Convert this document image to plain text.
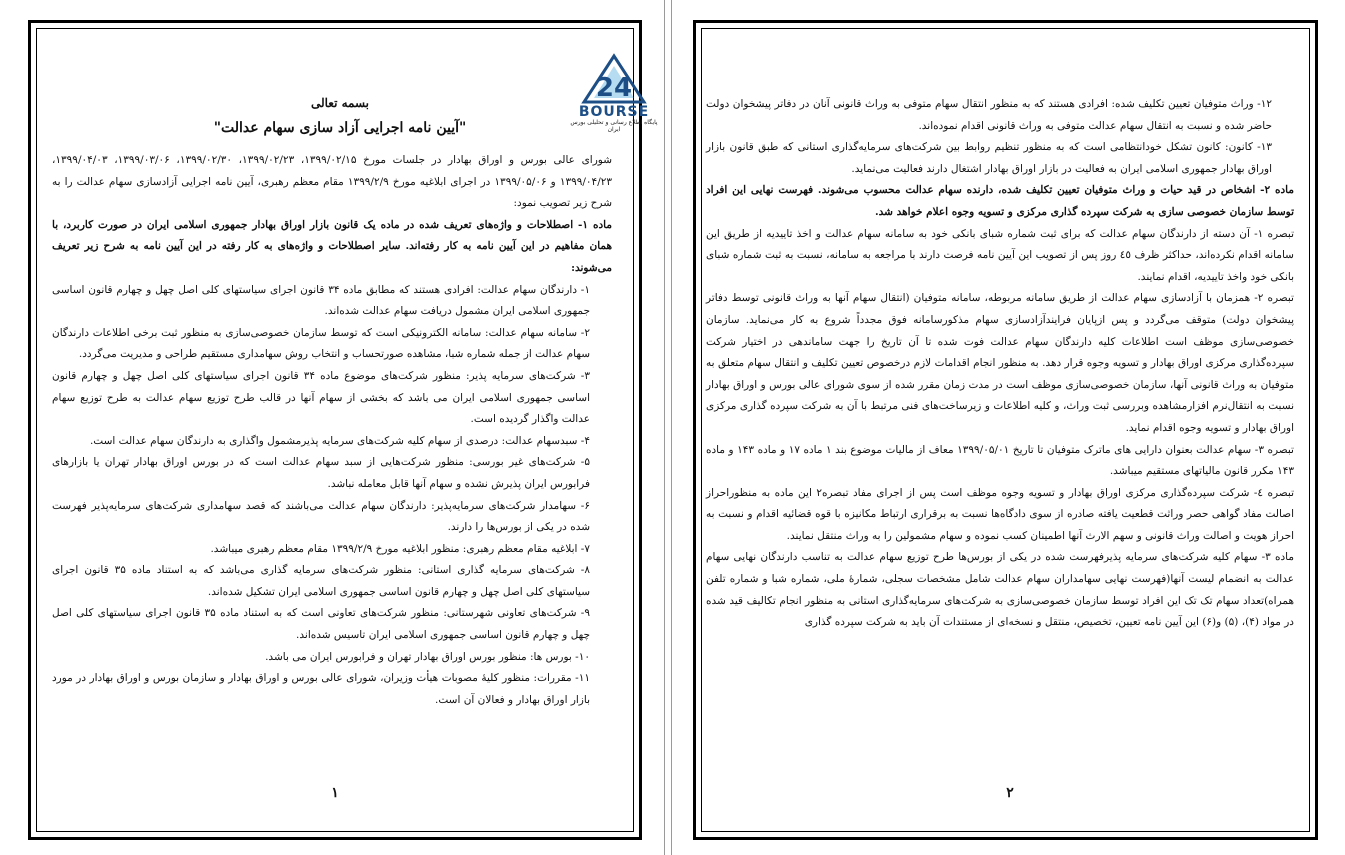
24
BOURSE
پایگاه اطلاع رسانی و تحلیلی بورس ایران
بسمه تعالی
"آیین نامه اجرایی آزاد سازی سهام عدالت"

شورای عالی بورس و اوراق بهادار در جلسات مورخ ۱۳۹۹/۰۲/۱۵، ۱۳۹۹/۰۲/۲۳، ۱۳۹۹/۰۲/۳۰، ۱۳۹۹/۰۳/۰۶، ۱۳۹۹/۰۴/۰۳، ۱۳۹۹/۰۴/۲۳ و ۱۳۹۹/۰۵/۰۶ در اجرای ابلاغیه مورخ ۱۳۹۹/۲/۹ مقام معظم رهبری، آیین نامه اجرایی آزادسازی سهام عدالت را به شرح زیر تصویب نمود:

ماده ۱- اصطلاحات و واژه‌های تعریف شده در ماده یک قانون بازار اوراق بهادار جمهوری اسلامی ایران در صورت کاربرد، با همان مفاهیم در این آیین نامه به کار رفته‌اند. سایر اصطلاحات و واژه‌های به کار رفته در این آیین نامه به شرح زیر تعریف می‌شوند:

۱- دارندگان سهام عدالت: افرادی هستند که مطابق ماده ۳۴ قانون اجرای سیاستهای کلی اصل چهل و چهارم قانون اساسی جمهوری اسلامی ایران مشمول دریافت سهام عدالت شده‌اند.

۲- سامانه سهام عدالت: سامانه الکترونیکی است که توسط سازمان خصوصی‌سازی به منظور ثبت برخی اطلاعات دارندگان سهام عدالت از جمله شماره شبا، مشاهده صورتحساب و انتخاب روش سهامداری مستقیم طراحی و مدیریت می‌گردد.

۳- شرکت‌های سرمایه پذیر: منظور شرکت‌های موضوع ماده ۳۴ قانون اجرای سیاستهای کلی اصل چهل و چهارم قانون اساسی جمهوری اسلامی ایران می باشد که بخشی از سهام آنها در قالب طرح توزیع سهام عدالت به طرح توزیع سهام عدالت واگذار گردیده است.

۴- سبدسهام عدالت: درصدی از سهام کلیه شرکت‌های سرمایه پذیرمشمول واگذاری به دارندگان سهام عدالت است.

۵- شرکت‌های غیر بورسی: منظور شرکت‌هایی از سبد سهام عدالت است که در بورس اوراق بهادار تهران یا بازارهای فرابورس ایران پذیرش نشده و سهام آنها قابل معامله نباشد.

۶- سهامدار شرکت‌های سرمایه‌پذیر: دارندگان سهام عدالت می‌باشند که قصد سهامداری شرکت‌های سرمایه‌پذیر فهرست شده در یکی از بورس‌ها را دارند.

۷- ابلاغیه مقام معظم رهبری: منظور ابلاغیه مورخ ۱۳۹۹/۲/۹ مقام معظم رهبری میباشد.

۸- شرکت‌های سرمایه گذاری استانی: منظور شرکت‌های سرمایه گذاری می‌باشد که به استناد ماده ۳۵ قانون اجرای سیاستهای کلی اصل چهل و چهارم قانون اساسی جمهوری اسلامی ایران تشکیل شده‌اند.

۹- شرکت‌های تعاونی شهرستانی: منظور شرکت‌های تعاونی است که به استناد ماده ۳۵ قانون اجرای سیاستهای کلی اصل چهل و چهارم قانون اساسی جمهوری اسلامی ایران تاسیس شده‌اند.

۱۰- بورس ها: منظور بورس اوراق بهادار تهران و فرابورس ایران می باشد.

۱۱- مقررات: منظور کلیهٔ مصوبات هیأت وزیران، شورای عالی بورس و اوراق بهادار و سازمان بورس و اوراق بهادار در مورد بازار اوراق بهادار و فعالان آن است.

۱

۱۲- وراث متوفیان تعیین تکلیف شده: افرادی هستند که به منظور انتقال سهام متوفی به وراث قانونی آنان در دفاتر پیشخوان دولت حاضر شده و نسبت به انتقال سهام عدالت متوفی به وراث قانونی اقدام نموده‌اند.

۱۳- کانون: کانون تشکل خودانتظامی است که به منظور تنظیم روابط بین شرکت‌های سرمایه‌گذاری استانی که طبق قانون بازار اوراق بهادار جمهوری اسلامی ایران به فعالیت در بازار اوراق بهادار اشتغال دارند فعالیت می‌نماید.

ماده ۲- اشخاص در قید حیات و وراث متوفیان تعیین تکلیف شده، دارنده سهام عدالت محسوب می‌شوند. فهرست نهایی این افراد توسط سازمان خصوصی سازی به شرکت سپرده گذاری مرکزی و تسویه وجوه اعلام خواهد شد.

تبصره ۱- آن دسته از دارندگان سهام عدالت که برای ثبت شماره شبای بانکی خود به سامانه سهام عدالت و اخذ تاییدیه از طریق این سامانه اقدام نکرده‌اند، حداکثر ظرف ٤٥ روز پس از تصویب این آیین نامه فرصت دارند با مراجعه به سامانه، نسبت به ثبت شماره شبای بانکی خود واخذ تاییدیه، اقدام نمایند.

تبصره ۲- همزمان با آزادسازی سهام عدالت از طریق سامانه مربوطه، سامانه متوفیان (انتقال سهام آنها به وراث قانونی توسط دفاتر پیشخوان دولت) متوقف می‌گردد و پس ازپایان فرایندآزادسازی سهام مذکورسامانه فوق مجدداً شروع به کار می‌نماید. سازمان خصوصی‌سازی موظف است اطلاعات کلیه دارندگان سهام عدالت فوت شده تا آن تاریخ را جهت ساماندهی در اختیار شرکت سپرده‌گذاری مرکزی اوراق بهادار و تسویه وجوه قرار دهد. به منظور انجام اقدامات لازم درخصوص تعیین تکلیف و انتقال سهام متعلق به متوفیان به وراث قانونی آنها، سازمان خصوصی‌سازی موظف است در مدت زمان مقرر شده از سوی شورای عالی بورس و اوراق بهادار نسبت به انتقال‌نرم افزارمشاهده وبررسی ثبت وراث، و کلیه اطلاعات و زیرساخت‌های فنی مرتبط با آن به شرکت سپرده گذاری مرکزی اوراق بهادار و تسویه وجوه اقدام نماید.

تبصره ۳- سهام عدالت بعنوان دارایی های ماترک متوفیان تا تاریخ ۱۳۹۹/۰۵/۰۱ معاف از مالیات موضوع بند ۱ ماده ۱۷ و ماده ۱۴۳ و ماده ۱۴۳ مکرر قانون مالیاتهای مستقیم میباشد.

تبصره ٤- شرکت سپرده‌گذاری مرکزی اوراق بهادار و تسویه وجوه موظف است پس از اجرای مفاد تبصره۲ این ماده به منظوراحراز اصالت مفاد گواهی حصر وراثت قطعیت یافته صادره از سوی دادگاه‌ها نسبت به برقراری ارتباط مکانیزه با قوه قضائیه اقدام و نسبت به احراز هویت و اصالت وراث قانونی و سهم الارث آنها اطمینان کسب نموده و سهام مشمولین را به وراث منتقل نمایند.

ماده ۳- سهام کلیه شرکت‌های سرمایه پذیرفهرست شده در یکی از بورس‌ها طرح توزیع سهام عدالت به تناسب دارندگان نهایی سهام عدالت به انضمام لیست آنها(فهرست نهایی سهامداران سهام عدالت شامل مشخصات سجلی، شمارهٔ ملی، شماره شبا و شماره تلفن همراه)تعداد سهام تک تک این افراد توسط سازمان خصوصی‌سازی به شرکت‌های سرمایه‌گذاری استانی به منظور انجام تکالیف قید شده در مواد (۴)، (۵) و(۶) این آیین نامه تعیین، تخصیص، منتقل و نسخه‌ای از مستندات آن باید به شرکت سپرده گذاری

۲
